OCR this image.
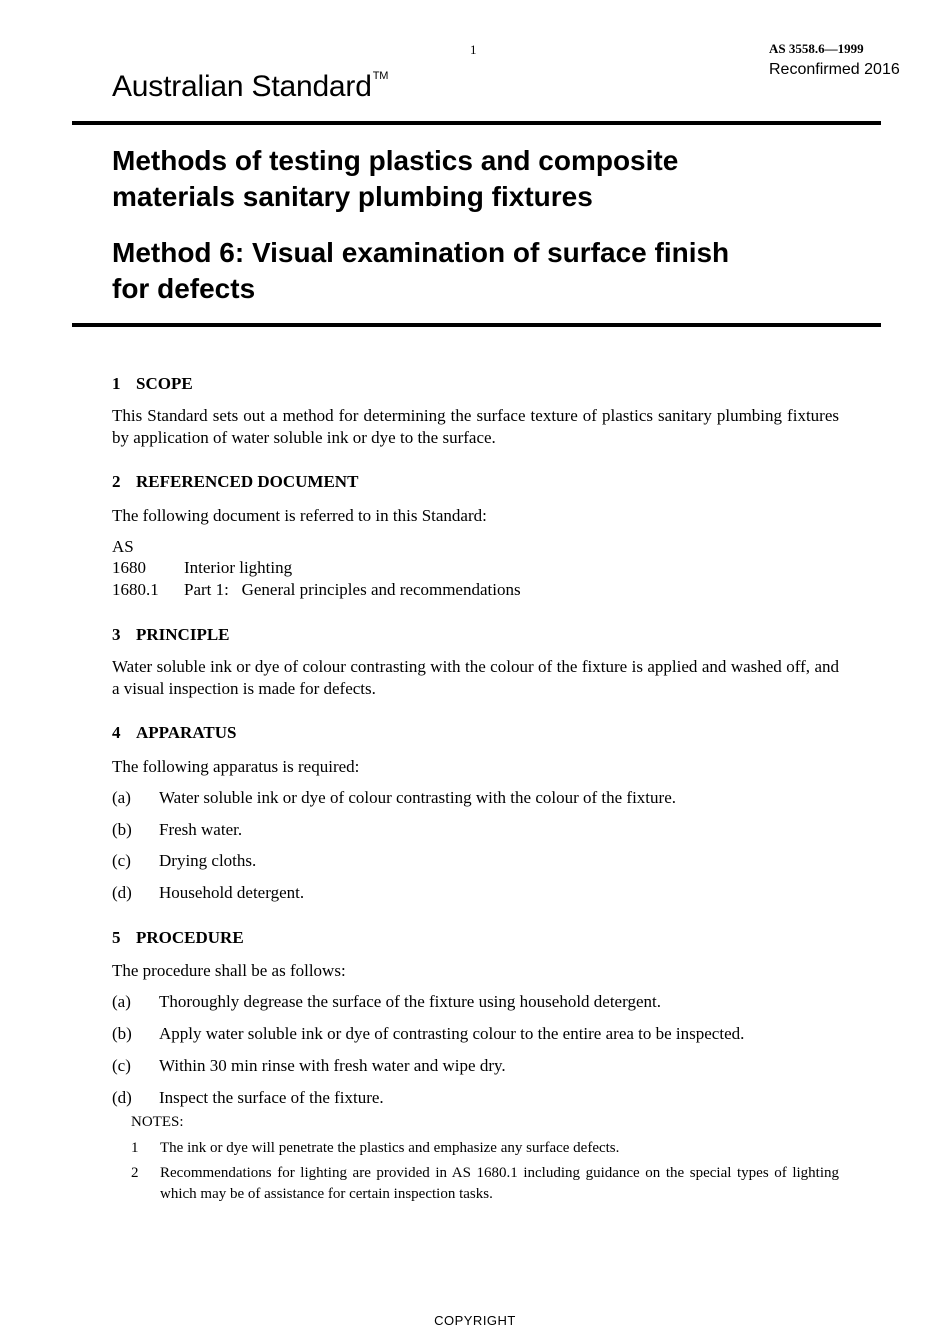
1	AS 3558.6—1999
Reconfirmed 2016
Australian Standard™
Methods of testing plastics and composite
materials sanitary plumbing fixtures
Method 6: Visual examination of surface finish
for defects
1 SCOPE
This Standard sets out a method for determining the surface texture of plastics sanitary plumbing fixtures by application of water soluble ink or dye to the surface.
2 REFERENCED DOCUMENT
The following document is referred to in this Standard:
AS
1680 Interior lighting
1680.1 Part 1:   General principles and recommendations
3 PRINCIPLE
Water soluble ink or dye of colour contrasting with the colour of the fixture is applied and washed off, and a visual inspection is made for defects.
4 APPARATUS
The following apparatus is required:
(a) Water soluble ink or dye of colour contrasting with the colour of the fixture.
(b) Fresh water.
(c) Drying cloths.
(d) Household detergent.
5 PROCEDURE
The procedure shall be as follows:
(a) Thoroughly degrease the surface of the fixture using household detergent.
(b) Apply water soluble ink or dye of contrasting colour to the entire area to be inspected.
(c) Within 30 min rinse with fresh water and wipe dry.
(d) Inspect the surface of the fixture.
NOTES:
1 The ink or dye will penetrate the plastics and emphasize any surface defects.
2 Recommendations for lighting are provided in AS 1680.1 including guidance on the special types of lighting which may be of assistance for certain inspection tasks.
COPYRIGHT
